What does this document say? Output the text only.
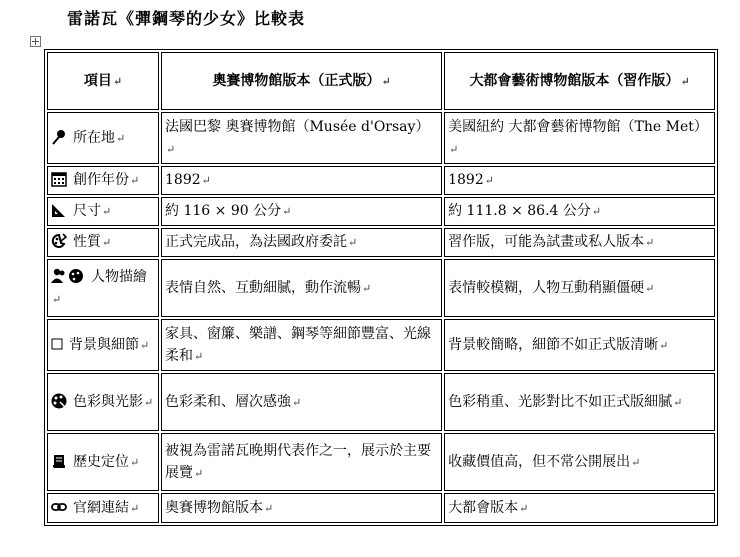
雷諾瓦《彈鋼琴的少女》比較表
項目↵	奧賽博物館版本（正式版）↵	大都會藝術博物館版本（習作版）↵
所在地↵	法國巴黎 奧賽博物館（Musée d'Orsay）↵	美國紐約 大都會藝術博物館（The Met）↵
創作年份↵	1892↵	1892↵
尺寸↵	約 116 × 90 公分↵	約 111.8 × 86.4 公分↵
性質↵	正式完成品，為法國政府委託↵	習作版，可能為試畫或私人版本↵
人物描繪↵	表情自然、互動細膩，動作流暢↵	表情較模糊，人物互動稍顯僵硬↵
背景與細節↵	家具、窗簾、樂譜、鋼琴等細節豐富、光線柔和↵	背景較簡略，細節不如正式版清晰↵
色彩與光影↵	色彩柔和、層次感強↵	色彩稍重、光影對比不如正式版細膩↵
歷史定位↵	被視為雷諾瓦晚期代表作之一，展示於主要展覽↵	收藏價值高，但不常公開展出↵
官網連結↵	奧賽博物館版本↵	大都會版本↵
